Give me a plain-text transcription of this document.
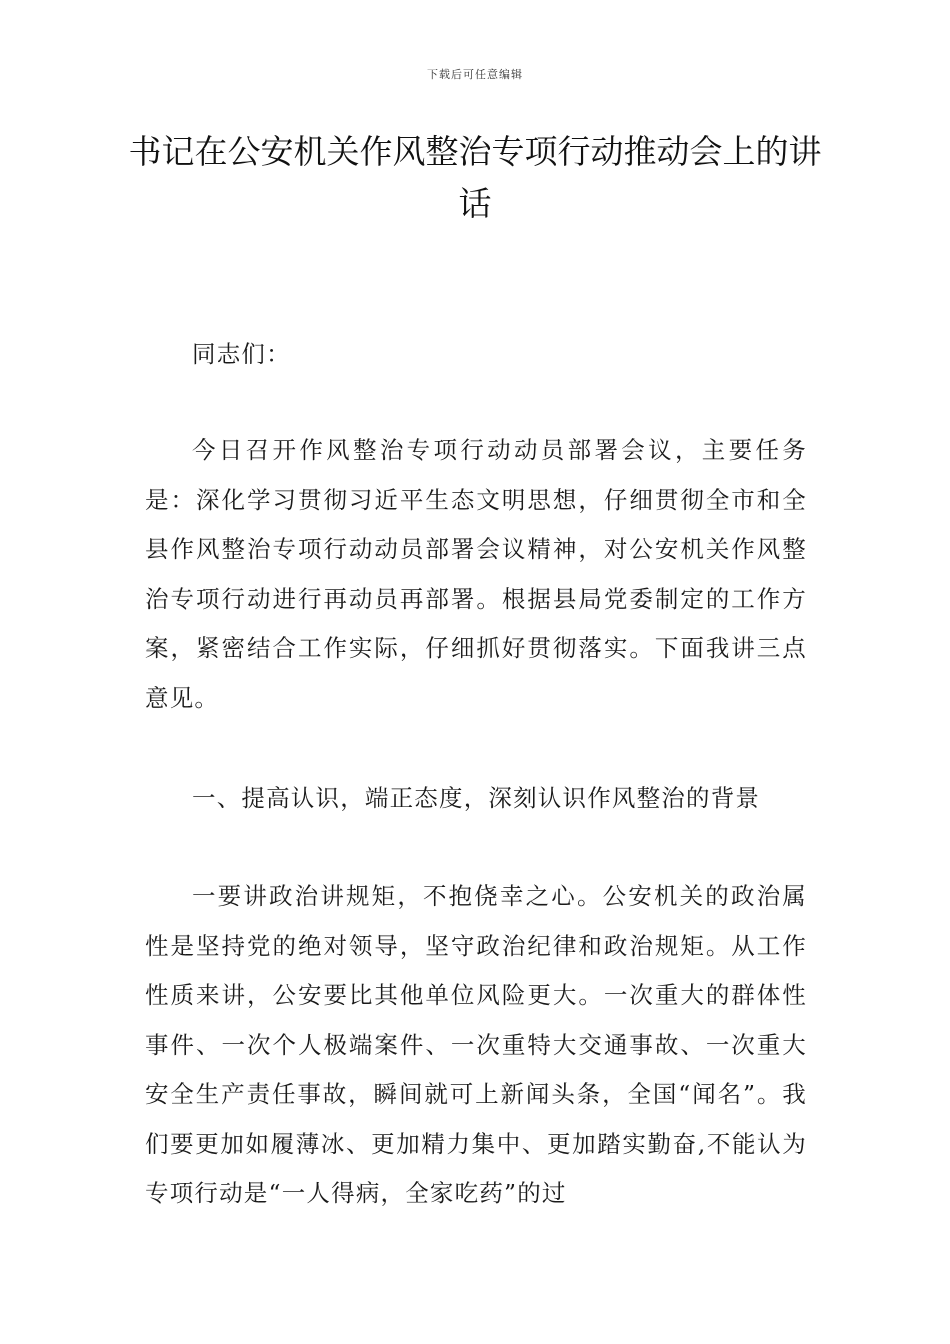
下载后可任意编辑
书记在公安机关作风整治专项行动推动会上的讲话

同志们：

今日召开作风整治专项行动动员部署会议，主要任务是：深化学习贯彻习近平生态文明思想，仔细贯彻全市和全县作风整治专项行动动员部署会议精神，对公安机关作风整治专项行动进行再动员再部署。根据县局党委制定的工作方案，紧密结合工作实际，仔细抓好贯彻落实。下面我讲三点意见。

一、提高认识，端正态度，深刻认识作风整治的背景

一要讲政治讲规矩，不抱侥幸之心。公安机关的政治属性是坚持党的绝对领导，坚守政治纪律和政治规矩。从工作性质来讲，公安要比其他单位风险更大。一次重大的群体性事件、一次个人极端案件、一次重特大交通事故、一次重大安全生产责任事故，瞬间就可上新闻头条，全国“闻名”。我们要更加如履薄冰、更加精力集中、更加踏实勤奋,不能认为专项行动是“一人得病，全家吃药”的过
